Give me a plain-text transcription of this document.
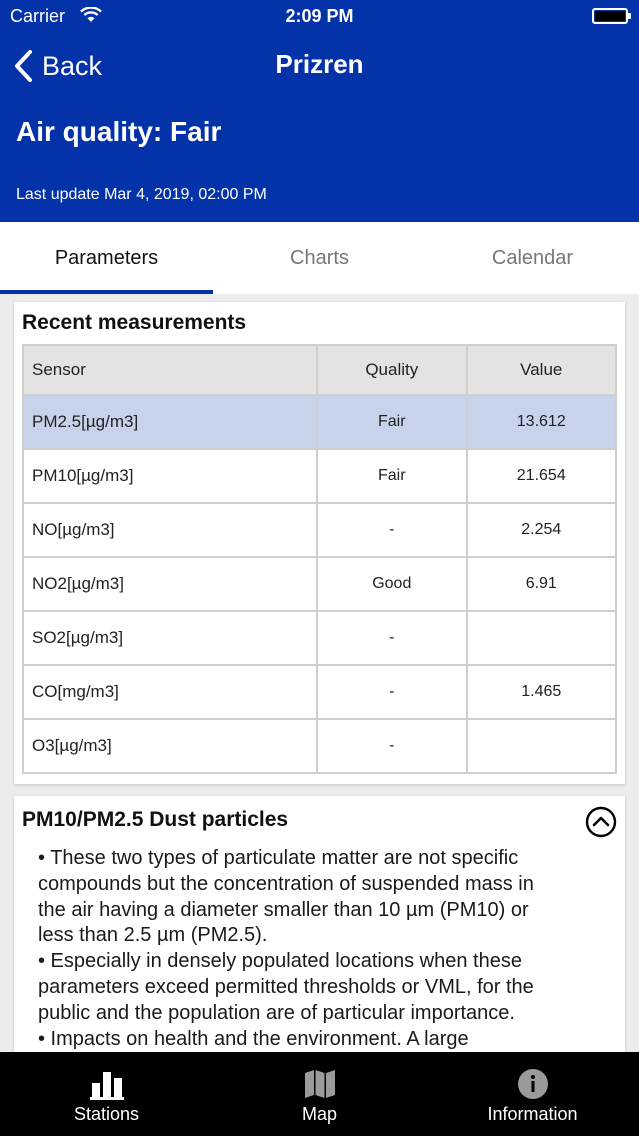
Carrier	2:09 PM
Back	Prizren
Air quality: Fair
Last update Mar 4, 2019, 02:00 PM
Parameters	Charts	Calendar
Recent measurements
Sensor	Quality	Value
PM2.5[µg/m3]	Fair	13.612
PM10[µg/m3]	Fair	21.654
NO[µg/m3]	-	2.254
NO2[µg/m3]	Good	6.91
SO2[µg/m3]	-	
CO[mg/m3]	-	1.465
O3[µg/m3]	-	
PM10/PM2.5 Dust particles
• These two types of particulate matter are not specific
compounds but the concentration of suspended mass in
the air having a diameter smaller than 10 µm (PM10) or
less than 2.5 µm (PM2.5).
• Especially in densely populated locations when these
parameters exceed permitted thresholds or VML, for the
public and the population are of particular importance.
• Impacts on health and the environment. A large
Stations	Map	Information
